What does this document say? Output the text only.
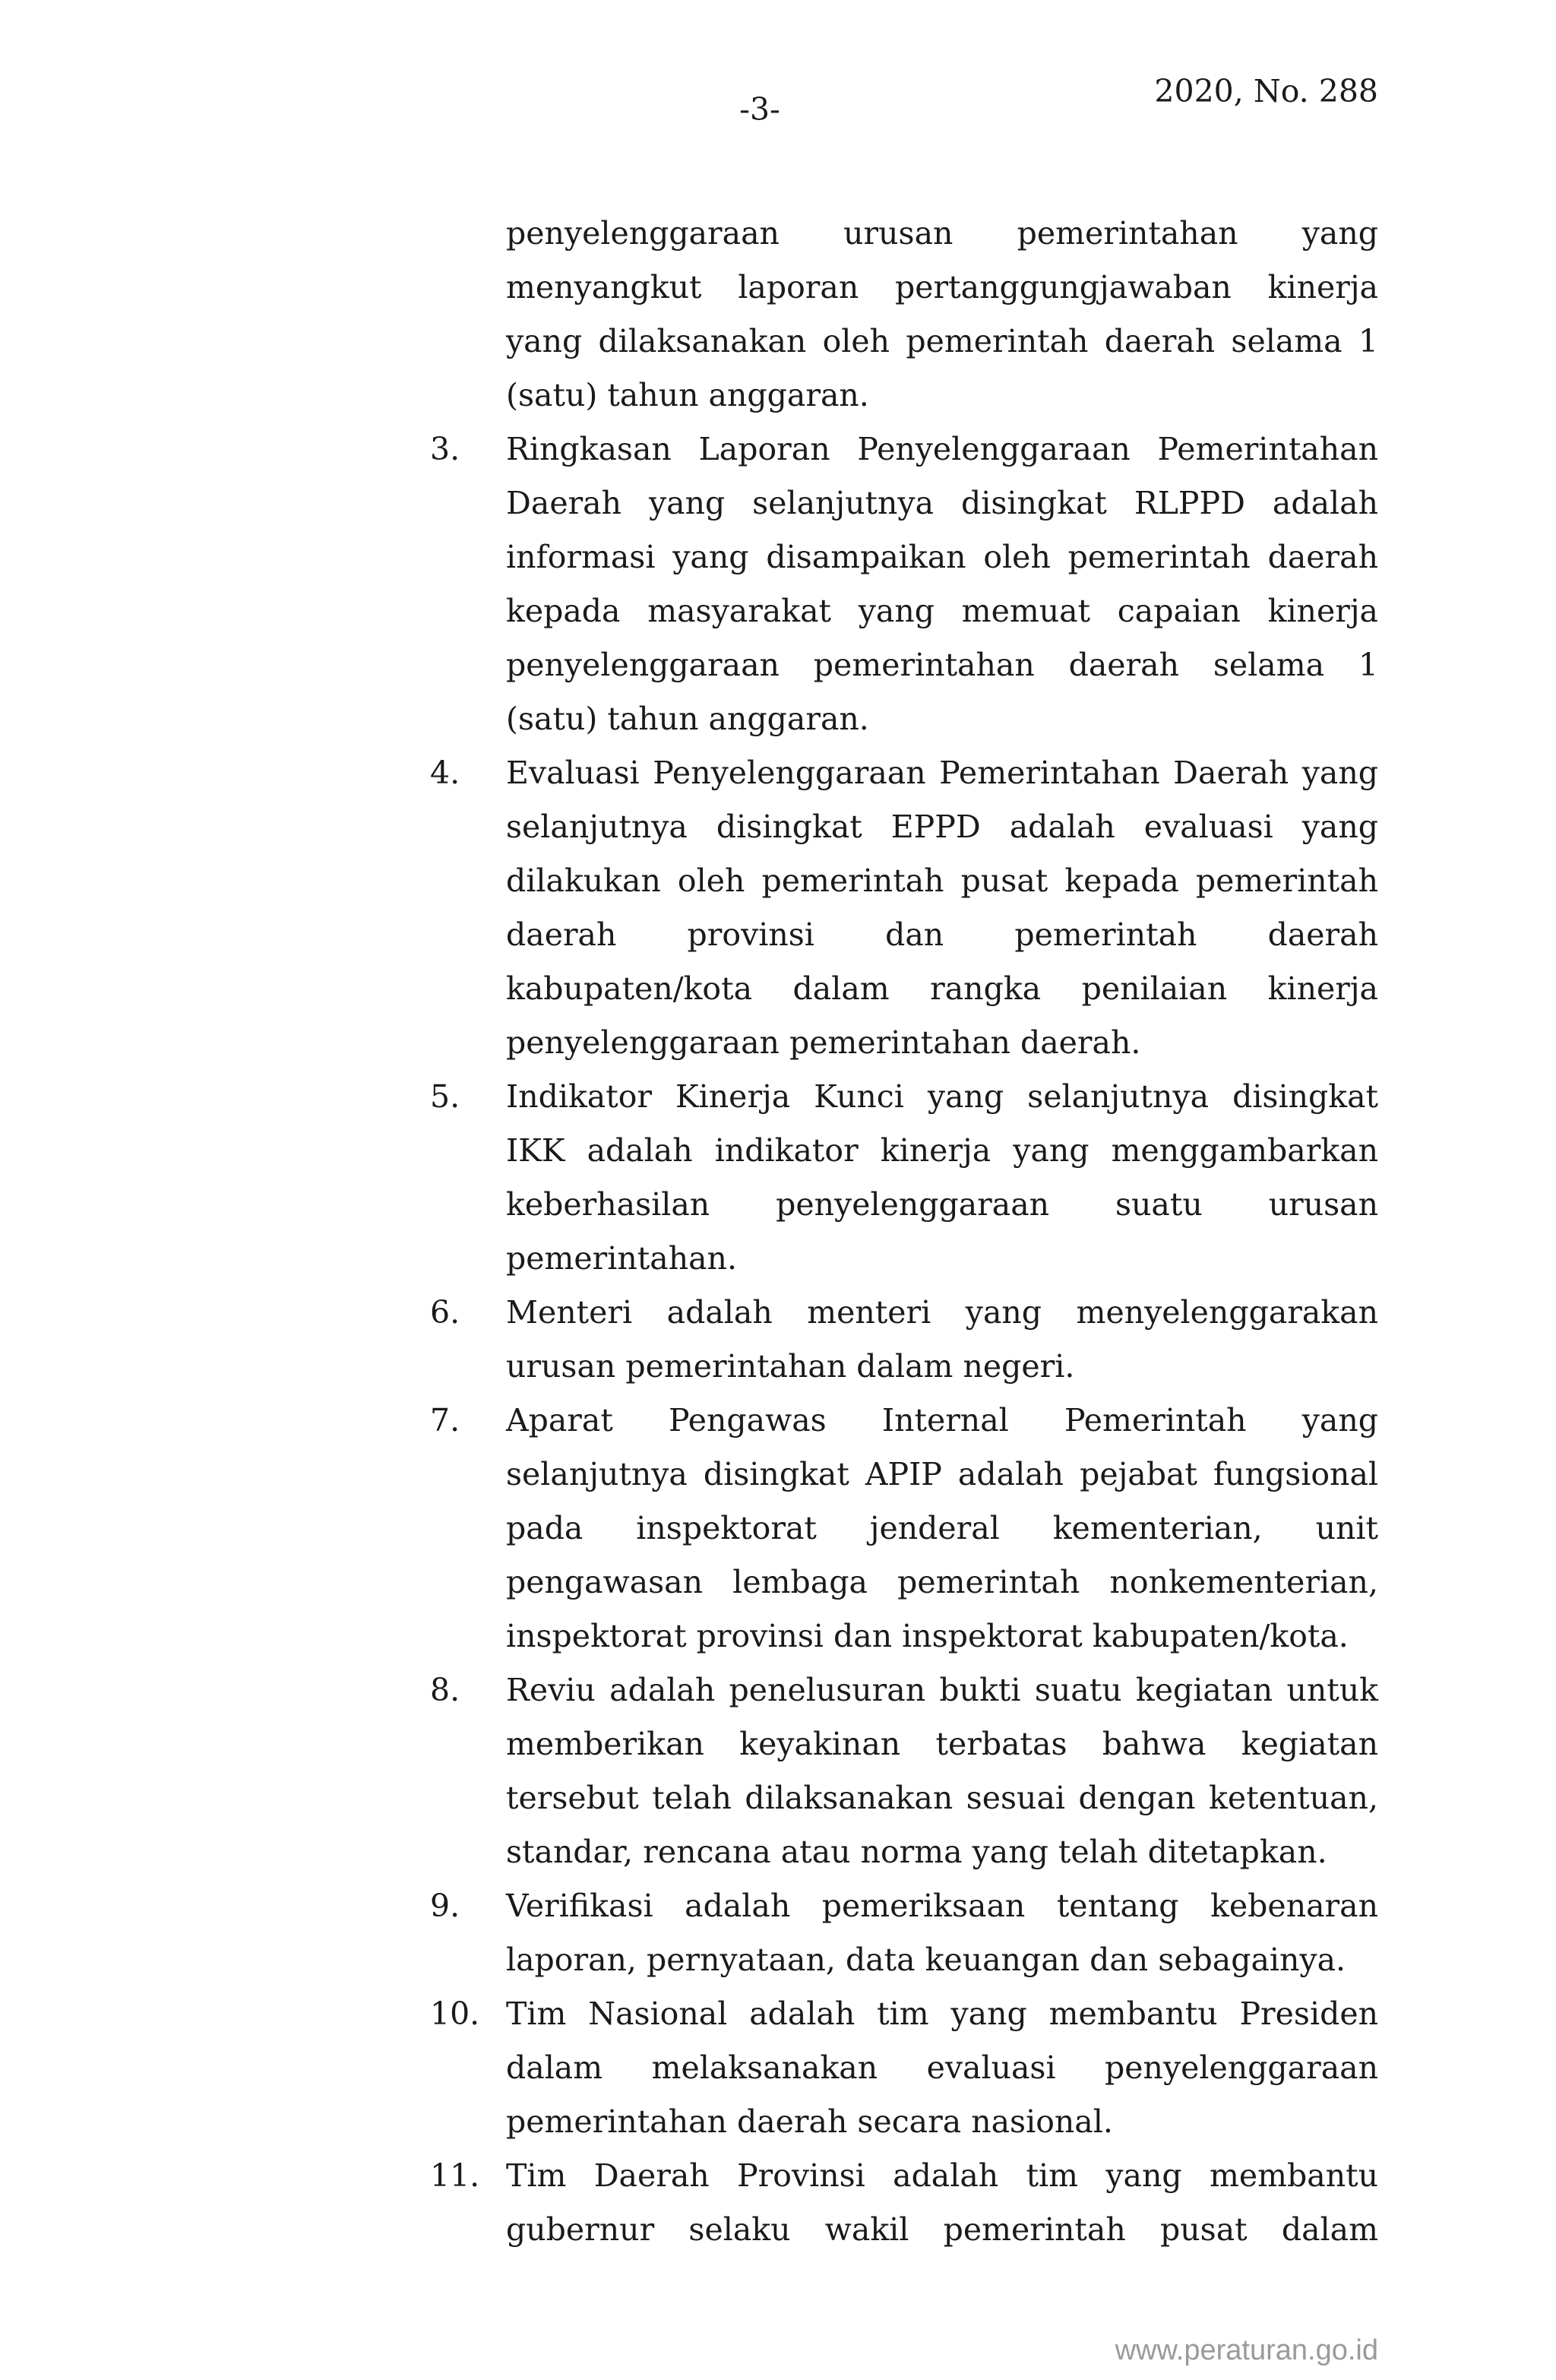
-3-	2020, No. 288

penyelenggaraan urusan pemerintahan yang menyangkut laporan pertanggungjawaban kinerja yang dilaksanakan oleh pemerintah daerah selama 1 (satu) tahun anggaran.

3. Ringkasan Laporan Penyelenggaraan Pemerintahan Daerah yang selanjutnya disingkat RLPPD adalah informasi yang disampaikan oleh pemerintah daerah kepada masyarakat yang memuat capaian kinerja penyelenggaraan pemerintahan daerah selama 1 (satu) tahun anggaran.
4. Evaluasi Penyelenggaraan Pemerintahan Daerah yang selanjutnya disingkat EPPD adalah evaluasi yang dilakukan oleh pemerintah pusat kepada pemerintah daerah provinsi dan pemerintah daerah kabupaten/kota dalam rangka penilaian kinerja penyelenggaraan pemerintahan daerah.
5. Indikator Kinerja Kunci yang selanjutnya disingkat IKK adalah indikator kinerja yang menggambarkan keberhasilan penyelenggaraan suatu urusan pemerintahan.
6. Menteri adalah menteri yang menyelenggarakan urusan pemerintahan dalam negeri.
7. Aparat Pengawas Internal Pemerintah yang selanjutnya disingkat APIP adalah pejabat fungsional pada inspektorat jenderal kementerian, unit pengawasan lembaga pemerintah nonkementerian, inspektorat provinsi dan inspektorat kabupaten/kota.
8. Reviu adalah penelusuran bukti suatu kegiatan untuk memberikan keyakinan terbatas bahwa kegiatan tersebut telah dilaksanakan sesuai dengan ketentuan, standar, rencana atau norma yang telah ditetapkan.
9. Verifikasi adalah pemeriksaan tentang kebenaran laporan, pernyataan, data keuangan dan sebagainya.
10. Tim Nasional adalah tim yang membantu Presiden dalam melaksanakan evaluasi penyelenggaraan pemerintahan daerah secara nasional.
11. Tim Daerah Provinsi adalah tim yang membantu gubernur selaku wakil pemerintah pusat dalam
www.peraturan.go.id
